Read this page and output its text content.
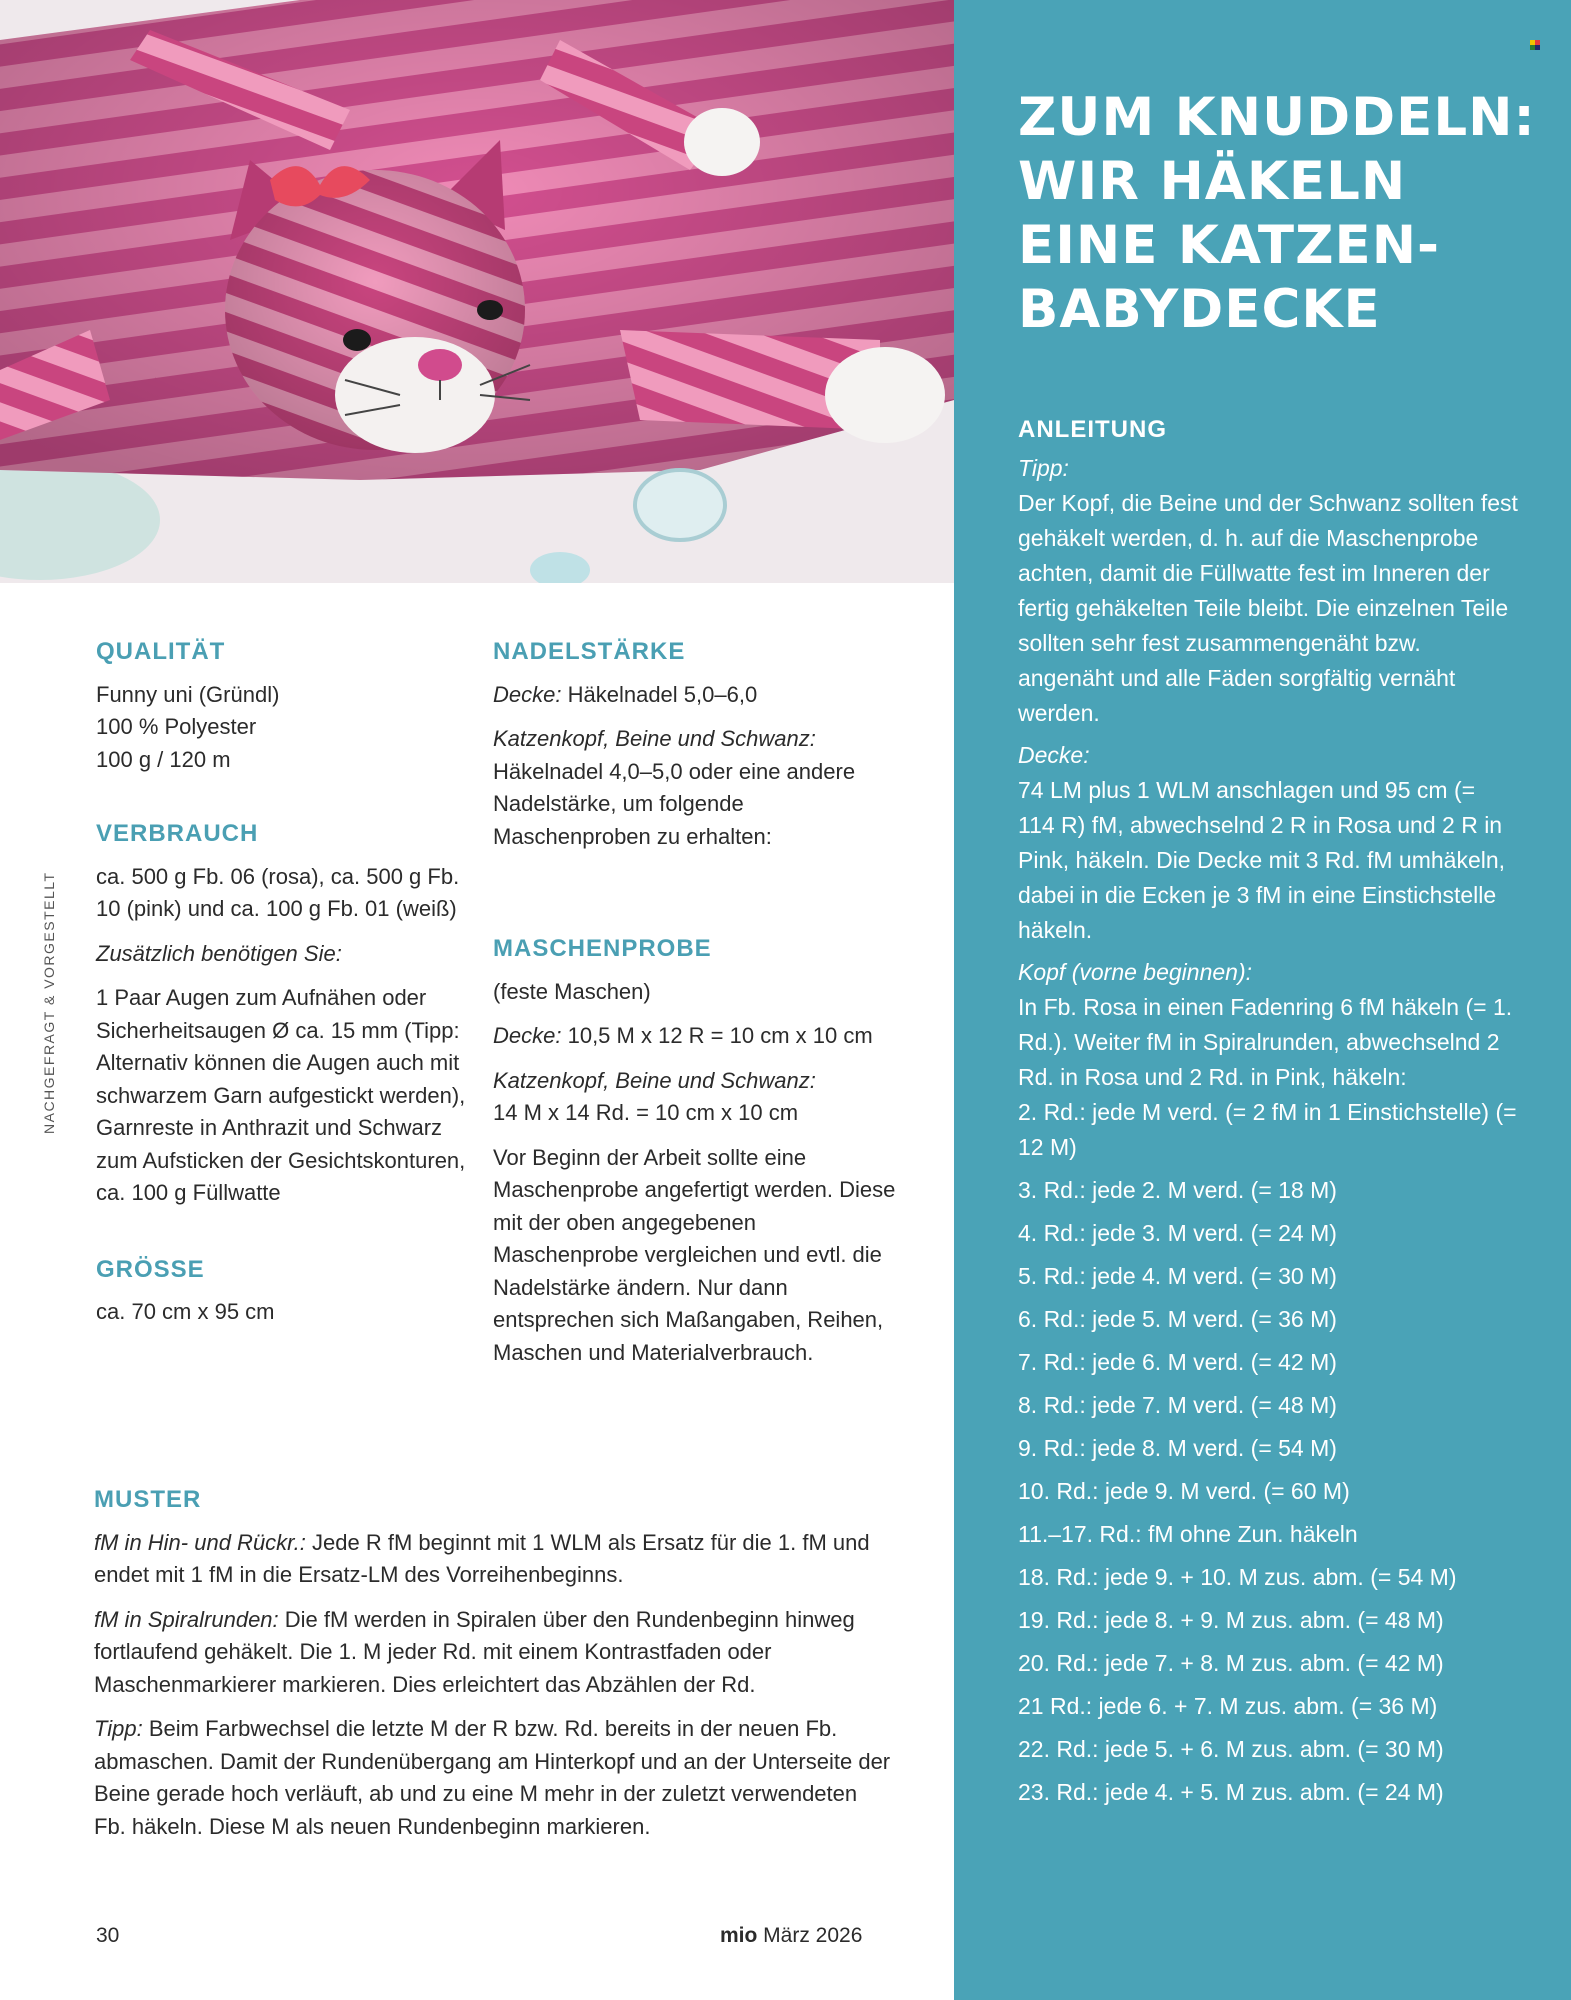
NACHGEFRAGT & VORGESTELLT
QUALITÄT
Funny uni (Gründl)
100 % Polyester
100 g / 120 m
VERBRAUCH

ca. 500 g Fb. 06 (rosa), ca. 500 g Fb. 10 (pink) und ca. 100 g Fb. 01 (weiß)

Zusätzlich benötigen Sie:

1 Paar Augen zum Aufnähen oder Sicherheitsaugen Ø ca. 15 mm (Tipp: Alternativ können die Augen auch mit schwarzem Garn aufgestickt werden), Garnreste in Anthrazit und Schwarz zum Aufsticken der Gesichtskonturen, ca. 100 g Füllwatte

GRÖSSE

ca. 70 cm x 95 cm

NADELSTÄRKE

Decke: Häkelnadel 5,0–6,0

Katzenkopf, Beine und Schwanz: Häkelnadel 4,0–5,0 oder eine andere Nadelstärke, um folgende Maschenproben zu erhalten:

MASCHENPROBE

(feste Maschen)

Decke: 10,5 M x 12 R = 10 cm x 10 cm

Katzenkopf, Beine und Schwanz:
14 M x 14 Rd. = 10 cm x 10 cm

Vor Beginn der Arbeit sollte eine Maschenprobe angefertigt werden. Diese mit der oben angegebenen Maschenprobe vergleichen und evtl. die Nadelstärke ändern. Nur dann entsprechen sich Maßangaben, Reihen, Maschen und Materialverbrauch.

MUSTER

fM in Hin- und Rückr.: Jede R fM beginnt mit 1 WLM als Ersatz für die 1. fM und endet mit 1 fM in die Ersatz-LM des Vorreihenbeginns.

fM in Spiralrunden: Die fM werden in Spiralen über den Rundenbeginn hinweg fortlaufend gehäkelt. Die 1. M jeder Rd. mit einem Kontrastfaden oder Maschenmarkierer markieren. Dies erleichtert das Abzählen der Rd.

Tipp: Beim Farbwechsel die letzte M der R bzw. Rd. bereits in der neuen Fb. abmaschen. Damit der Rundenübergang am Hinterkopf und an der Unterseite der Beine gerade hoch verläuft, ab und zu eine M mehr in der zuletzt verwendeten Fb. häkeln. Diese M als neuen Rundenbeginn markieren.

30	mio März 2026
ZUM KNUDDELN:
WIR HÄKELN
EINE KATZEN-
BABYDECKE
ANLEITUNG

Tipp:

Der Kopf, die Beine und der Schwanz sollten fest gehäkelt werden, d. h. auf die Maschenprobe achten, damit die Füllwatte fest im Inneren der fertig gehäkelten Teile bleibt. Die einzelnen Teile sollten sehr fest zusammengenäht bzw. angenäht und alle Fäden sorgfältig vernäht werden.

Decke:

74 LM plus 1 WLM anschlagen und 95 cm (= 114 R) fM, abwechselnd 2 R in Rosa und 2 R in Pink, häkeln. Die Decke mit 3 Rd. fM umhäkeln, dabei in die Ecken je 3 fM in eine Einstichstelle häkeln.

Kopf (vorne beginnen):

In Fb. Rosa in einen Fadenring 6 fM häkeln (= 1. Rd.). Weiter fM in Spiralrunden, abwechselnd 2 Rd. in Rosa und 2 Rd. in Pink, häkeln:

2. Rd.: jede M verd. (= 2 fM in 1 Einstichstelle) (= 12 M)
3. Rd.: jede 2. M verd. (= 18 M)
4. Rd.: jede 3. M verd. (= 24 M)
5. Rd.: jede 4. M verd. (= 30 M)
6. Rd.: jede 5. M verd. (= 36 M)
7. Rd.: jede 6. M verd. (= 42 M)
8. Rd.: jede 7. M verd. (= 48 M)
9. Rd.: jede 8. M verd. (= 54 M)
10. Rd.: jede 9. M verd. (= 60 M)
11.–17. Rd.: fM ohne Zun. häkeln
18. Rd.: jede 9. + 10. M zus. abm. (= 54 M)
19. Rd.: jede 8. + 9. M zus. abm. (= 48 M)
20. Rd.: jede 7. + 8. M zus. abm. (= 42 M)
21 Rd.: jede 6. + 7. M zus. abm. (= 36 M)
22. Rd.: jede 5. + 6. M zus. abm. (= 30 M)
23. Rd.: jede 4. + 5. M zus. abm. (= 24 M)
